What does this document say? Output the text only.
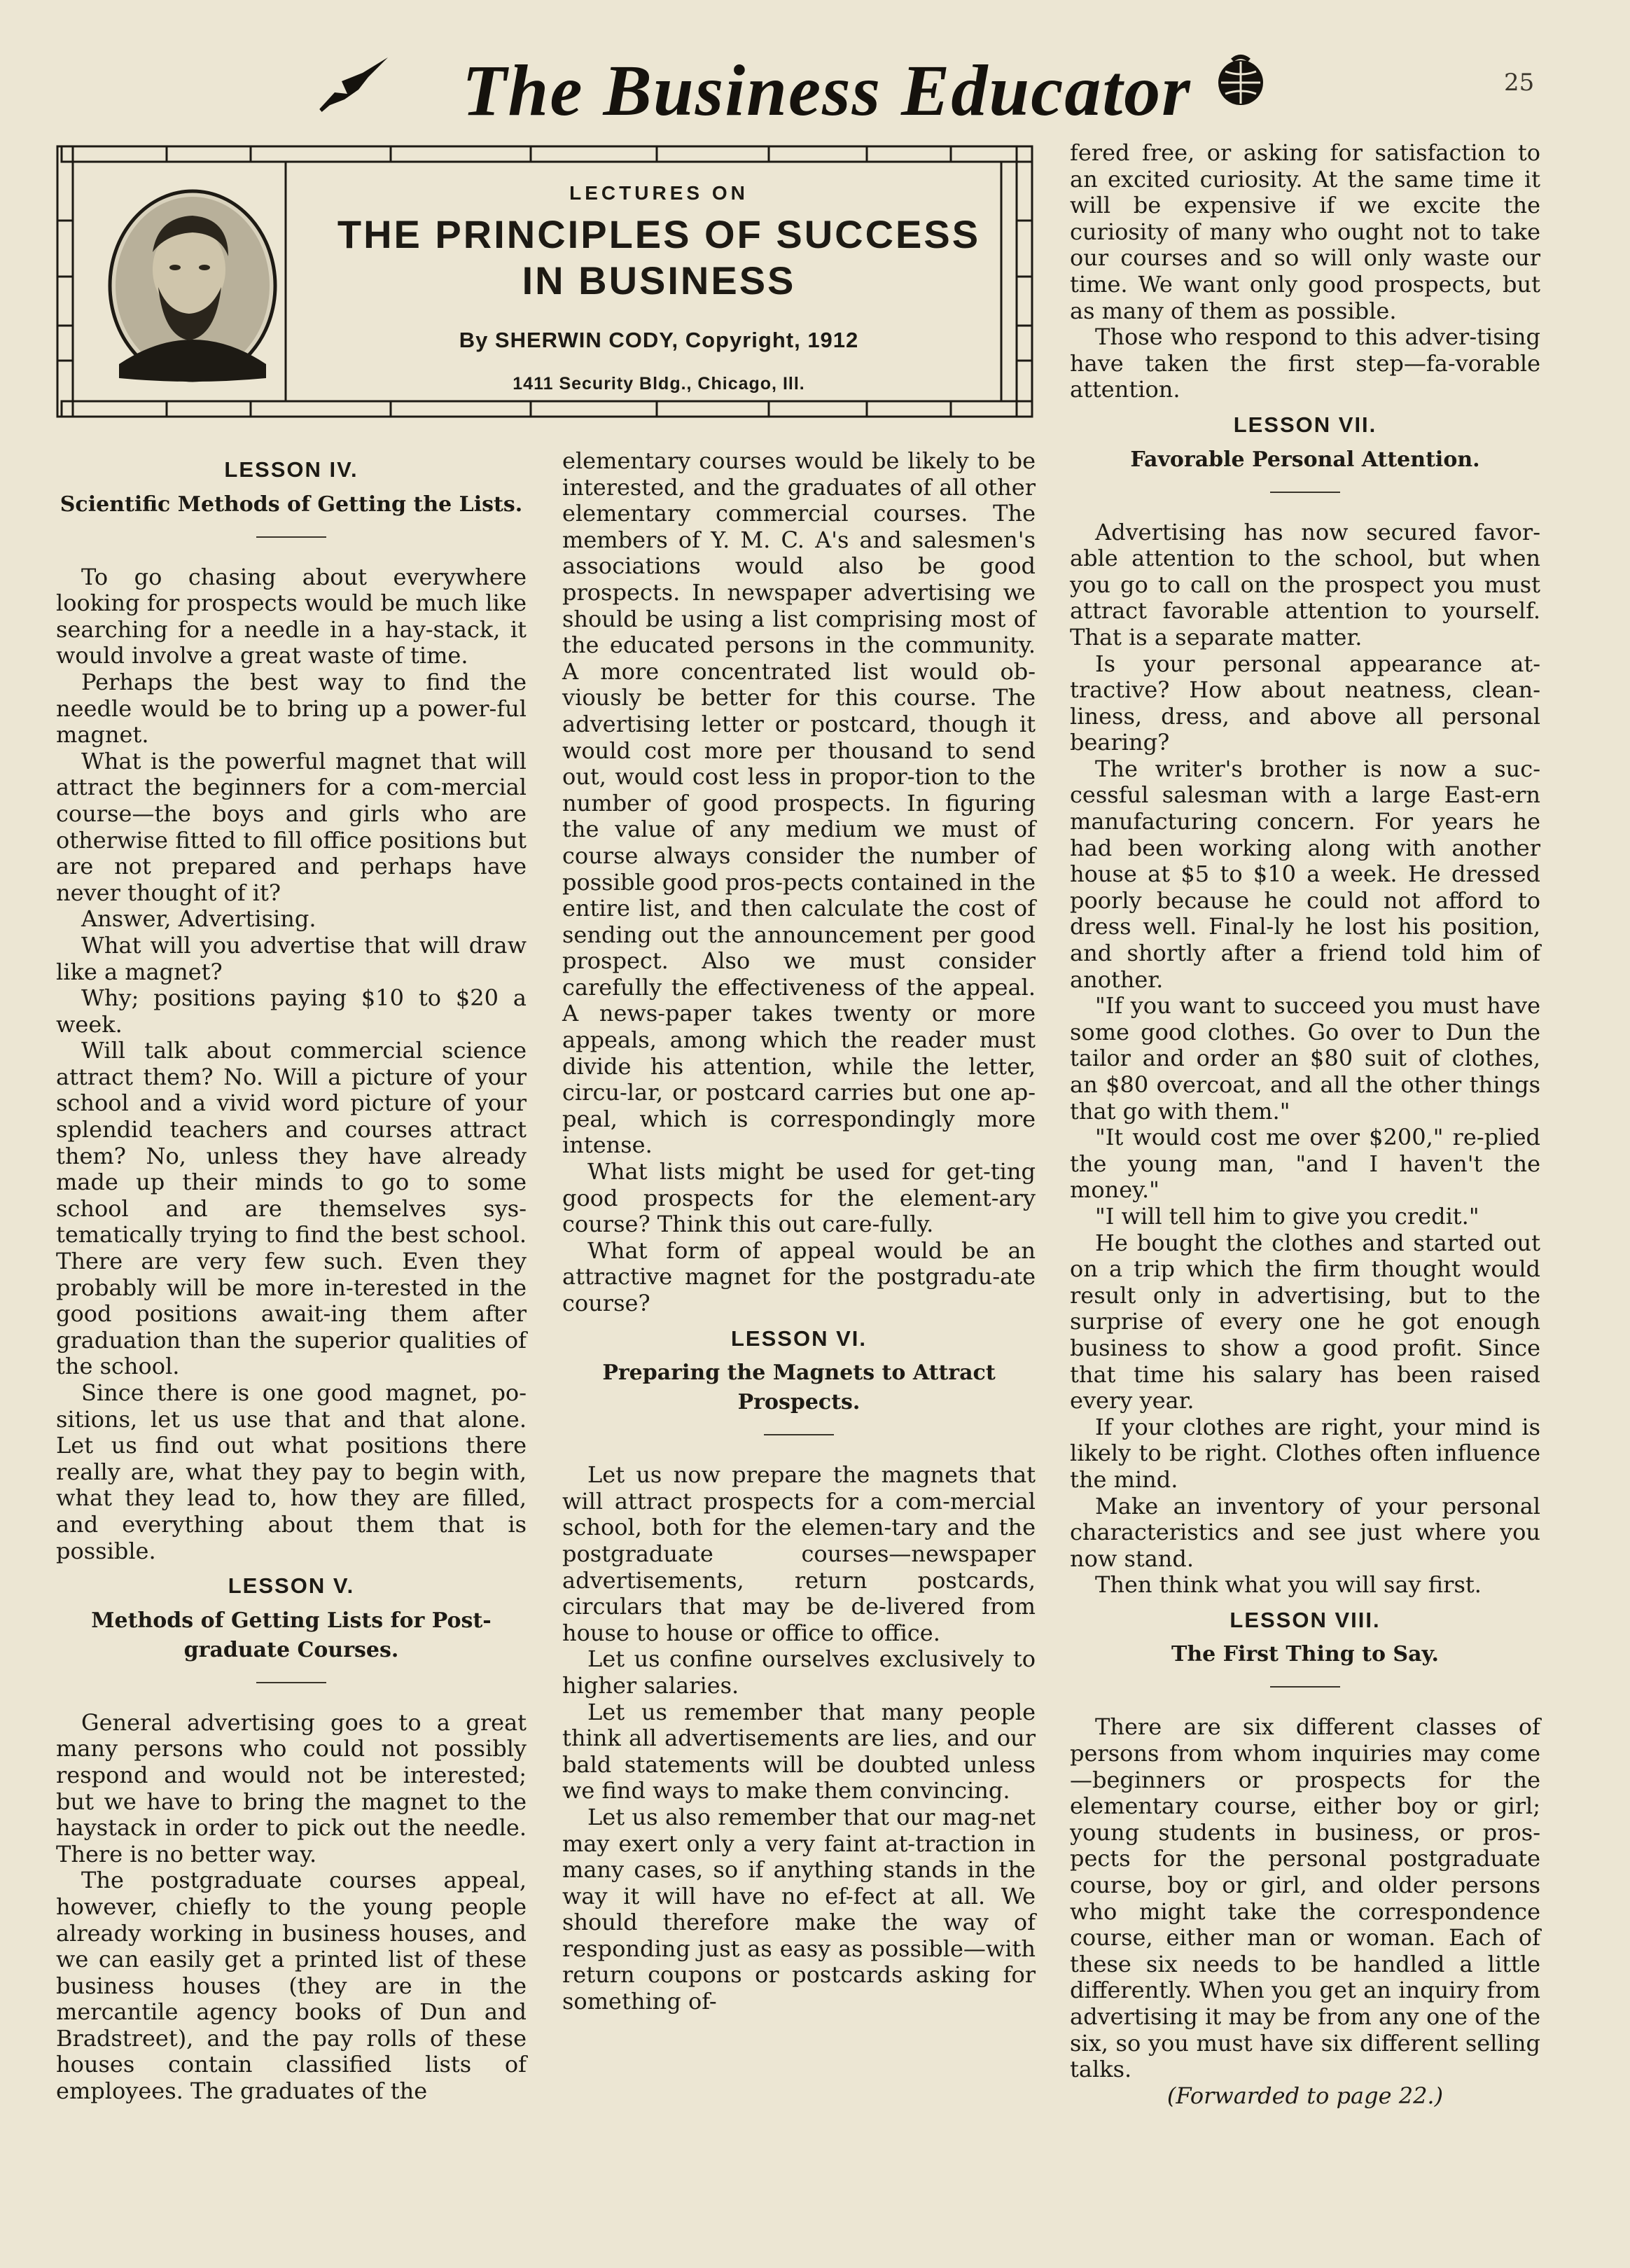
The Business Educator	25
LECTURES ON
THE PRINCIPLES OF SUCCESS
IN BUSINESS
By SHERWIN CODY, Copyright, 1912
1411 Security Bldg., Chicago, Ill.
LESSON IV.
Scientific Methods of Getting the Lists.

To go chasing about everywhere looking for prospects would be much like searching for a needle in a hay-stack, it would involve a great waste of time.

Perhaps the best way to find the needle would be to bring up a power-ful magnet.

What is the powerful magnet that will attract the beginners for a com-mercial course—the boys and girls who are otherwise fitted to fill office positions but are not prepared and perhaps have never thought of it?

Answer, Advertising.

What will you advertise that will draw like a magnet?

Why; positions paying $10 to $20 a week.

Will talk about commercial science attract them? No. Will a picture of your school and a vivid word picture of your splendid teachers and courses attract them? No, unless they have already made up their minds to go to some school and are themselves sys-tematically trying to find the best school. There are very few such. Even they probably will be more in-terested in the good positions await-ing them after graduation than the superior qualities of the school.

Since there is one good magnet, po-sitions, let us use that and that alone. Let us find out what positions there really are, what they pay to begin with, what they lead to, how they are filled, and everything about them that is possible.

LESSON V.
Methods of Getting Lists for Post-graduate Courses.

General advertising goes to a great many persons who could not possibly respond and would not be interested; but we have to bring the magnet to the haystack in order to pick out the needle. There is no better way.

The postgraduate courses appeal, however, chiefly to the young people already working in business houses, and we can easily get a printed list of these business houses (they are in the mercantile agency books of Dun and Bradstreet), and the pay rolls of these houses contain classified lists of employees. The graduates of the

elementary courses would be likely to be interested, and the graduates of all other elementary commercial courses. The members of Y. M. C. A's and salesmen's associations would also be good prospects. In newspaper advertising we should be using a list comprising most of the educated persons in the community. A more concentrated list would ob-viously be better for this course. The advertising letter or postcard, though it would cost more per thousand to send out, would cost less in propor-tion to the number of good prospects. In figuring the value of any medium we must of course always consider the number of possible good pros-pects contained in the entire list, and then calculate the cost of sending out the announcement per good prospect. Also we must consider carefully the effectiveness of the appeal. A news-paper takes twenty or more appeals, among which the reader must divide his attention, while the letter, circu-lar, or postcard carries but one ap-peal, which is correspondingly more intense.

What lists might be used for get-ting good prospects for the element-ary course? Think this out care-fully.

What form of appeal would be an attractive magnet for the postgradu-ate course?

LESSON VI.
Preparing the Magnets to Attract Prospects.

Let us now prepare the magnets that will attract prospects for a com-mercial school, both for the elemen-tary and the postgraduate courses—newspaper advertisements, return postcards, circulars that may be de-livered from house to house or office to office.

Let us confine ourselves exclusively to higher salaries.

Let us remember that many people think all advertisements are lies, and our bald statements will be doubted unless we find ways to make them convincing.

Let us also remember that our mag-net may exert only a very faint at-traction in many cases, so if anything stands in the way it will have no ef-fect at all. We should therefore make the way of responding just as easy as possible—with return coupons or postcards asking for something of-

fered free, or asking for satisfaction to an excited curiosity. At the same time it will be expensive if we excite the curiosity of many who ought not to take our courses and so will only waste our time. We want only good prospects, but as many of them as possible.

Those who respond to this adver-tising have taken the first step—fa-vorable attention.

LESSON VII.
Favorable Personal Attention.

Advertising has now secured favor-able attention to the school, but when you go to call on the prospect you must attract favorable attention to yourself. That is a separate matter.

Is your personal appearance at-tractive? How about neatness, clean-liness, dress, and above all personal bearing?

The writer's brother is now a suc-cessful salesman with a large East-ern manufacturing concern. For years he had been working along with another house at $5 to $10 a week. He dressed poorly because he could not afford to dress well. Final-ly he lost his position, and shortly after a friend told him of another.

"If you want to succeed you must have some good clothes. Go over to Dun the tailor and order an $80 suit of clothes, an $80 overcoat, and all the other things that go with them."

"It would cost me over $200," re-plied the young man, "and I haven't the money."

"I will tell him to give you credit."

He bought the clothes and started out on a trip which the firm thought would result only in advertising, but to the surprise of every one he got enough business to show a good profit. Since that time his salary has been raised every year.

If your clothes are right, your mind is likely to be right. Clothes often influence the mind.

Make an inventory of your personal characteristics and see just where you now stand.

Then think what you will say first.

LESSON VIII.
The First Thing to Say.

There are six different classes of persons from whom inquiries may come—beginners or prospects for the elementary course, either boy or girl; young students in business, or pros-pects for the personal postgraduate course, boy or girl, and older persons who might take the correspondence course, either man or woman. Each of these six needs to be handled a little differently. When you get an inquiry from advertising it may be from any one of the six, so you must have six different selling talks.

(Forwarded to page 22.)
